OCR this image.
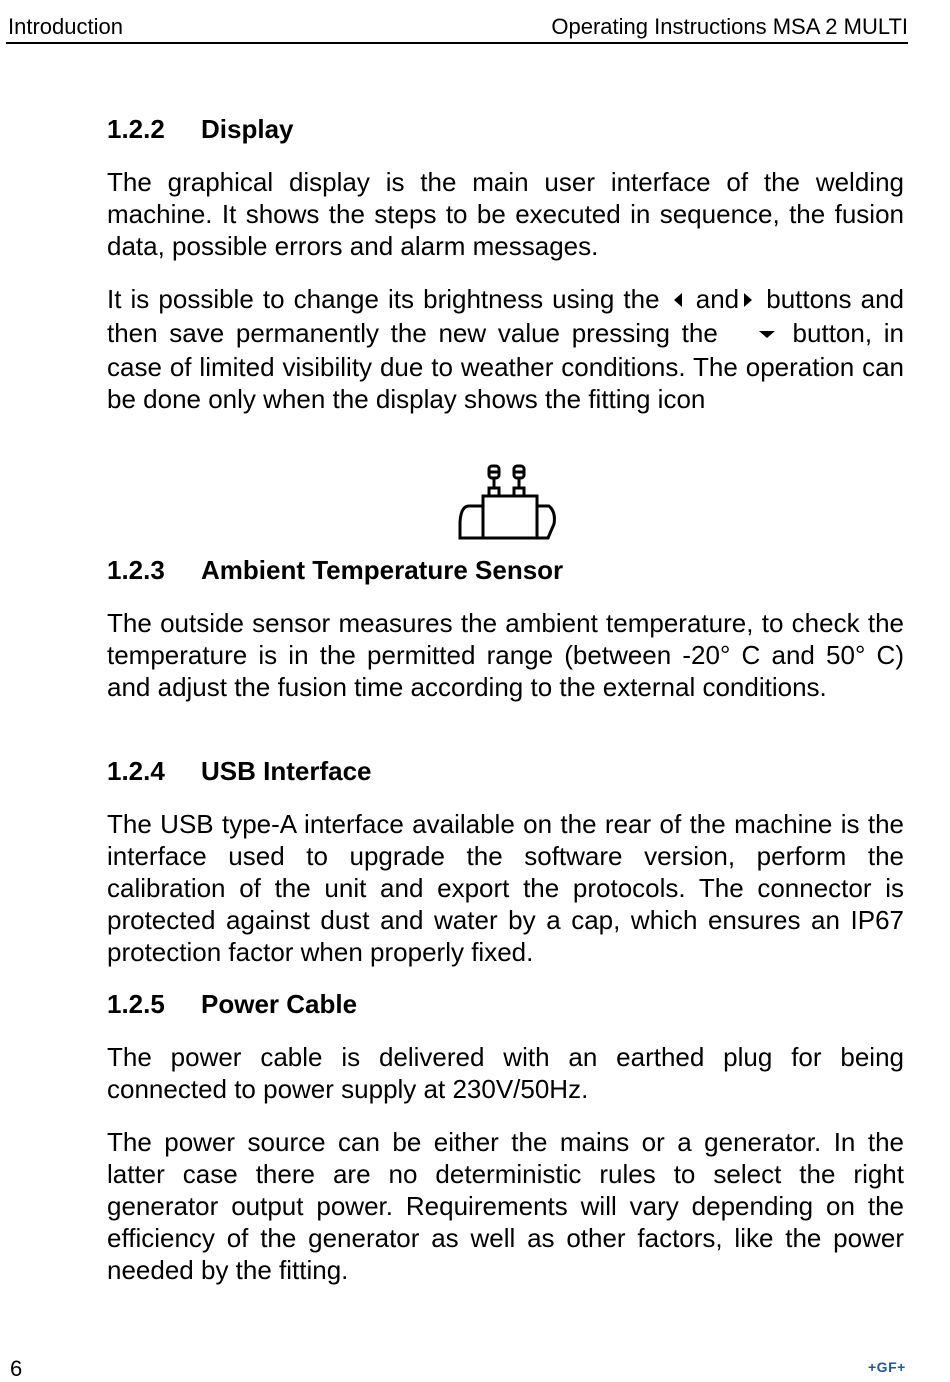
Introduction	Operating Instructions MSA 2 MULTI
1.2.2 Display
The graphical display is the main user interface of the welding machine. It shows the steps to be executed in sequence, the fusion data, possible errors and alarm messages.
It is possible to change its brightness using the and buttons and then save permanently the new value pressing the	button, in case of limited visibility due to weather conditions. The operation can be done only when the display shows the fitting icon
1.2.3 Ambient Temperature Sensor
The outside sensor measures the ambient temperature, to check the temperature is in the permitted range (between -20° C and 50° C) and adjust the fusion time according to the external conditions.
1.2.4 USB Interface
The USB type-A interface available on the rear of the machine is the interface used to upgrade the software version, perform the calibration of the unit and export the protocols. The connector is protected against dust and water by a cap, which ensures an IP67 protection factor when properly fixed.
1.2.5 Power Cable
The power cable is delivered with an earthed plug for being connected to power supply at 230V/50Hz.
The power source can be either the mains or a generator. In the latter case there are no deterministic rules to select the right generator output power. Requirements will vary depending on the efficiency of the generator as well as other factors, like the power needed by the fitting.
6	+GF+
